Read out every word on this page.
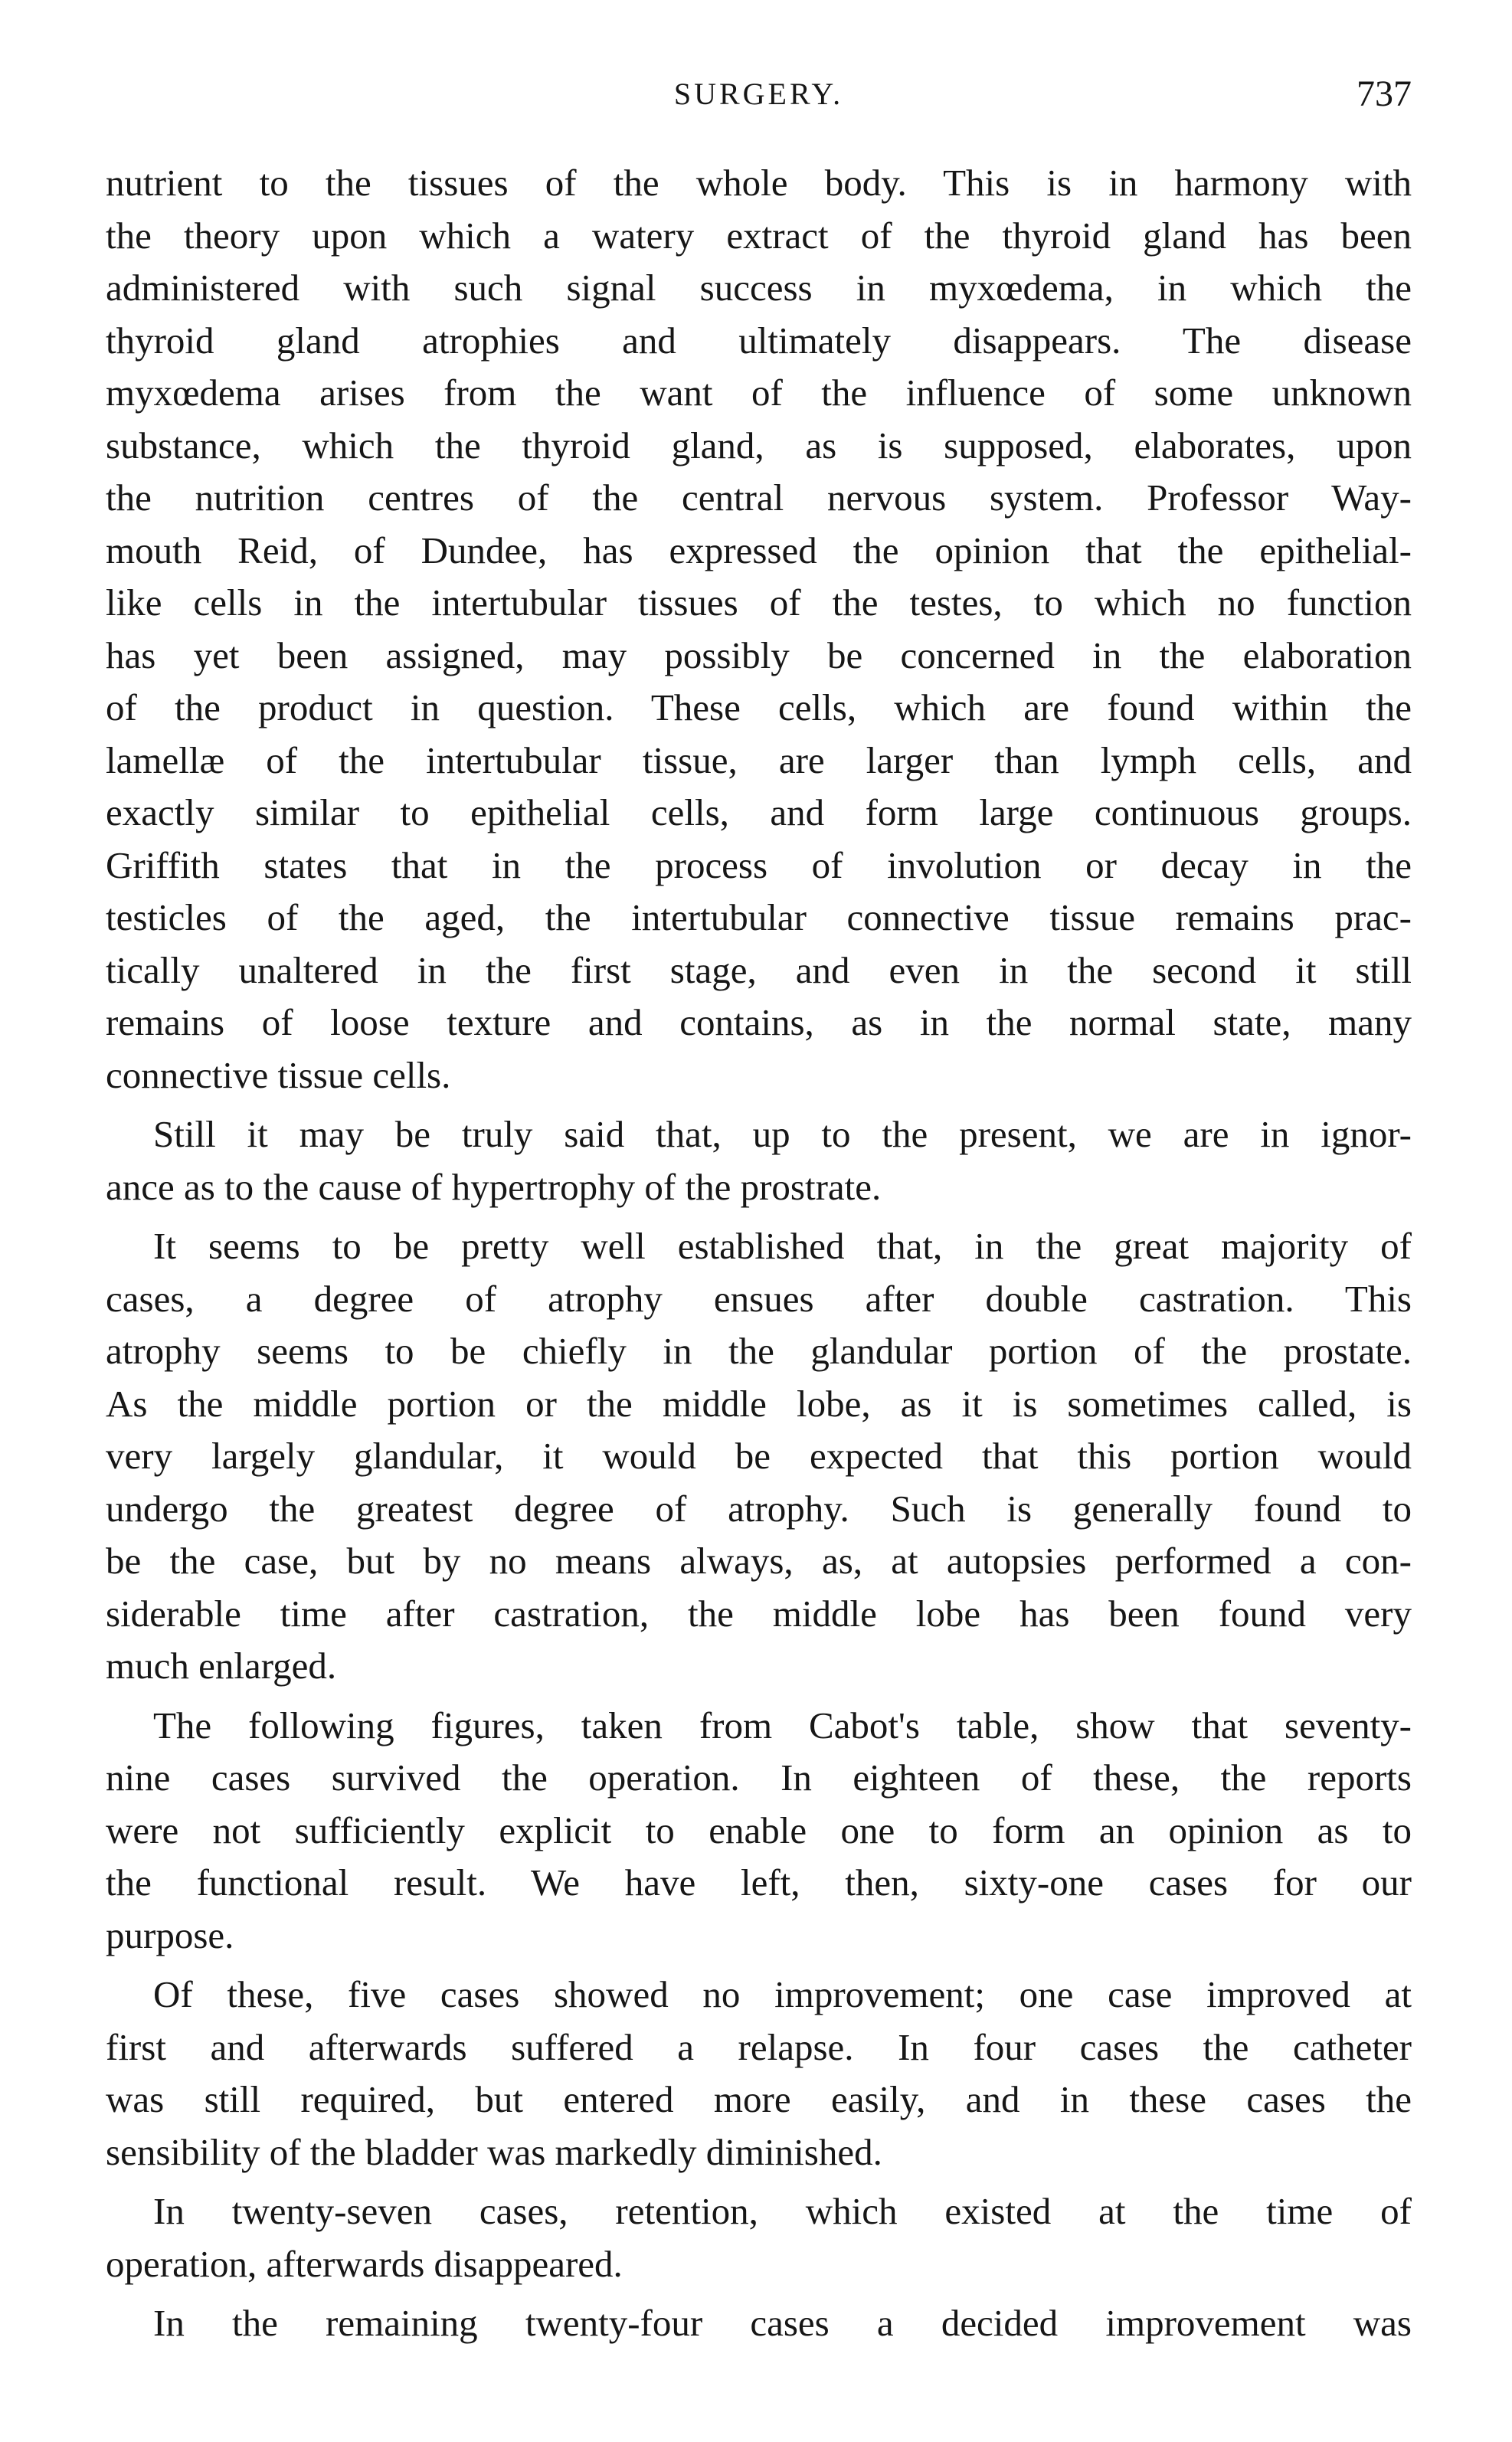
SURGERY.	737
nutrient to the tissues of the whole body. This is in harmony with
the theory upon which a watery extract of the thyroid gland has been
administered with such signal success in myxœdema, in which the
thyroid gland atrophies and ultimately disappears. The disease
myxœdema arises from the want of the influence of some unknown
substance, which the thyroid gland, as is supposed, elaborates, upon
the nutrition centres of the central nervous system. Professor Way-
mouth Reid, of Dundee, has expressed the opinion that the epithelial-
like cells in the intertubular tissues of the testes, to which no function
has yet been assigned, may possibly be concerned in the elaboration
of the product in question. These cells, which are found within the
lamellæ of the intertubular tissue, are larger than lymph cells, and
exactly similar to epithelial cells, and form large continuous groups.
Griffith states that in the process of involution or decay in the
testicles of the aged, the intertubular connective tissue remains prac-
tically unaltered in the first stage, and even in the second it still
remains of loose texture and contains, as in the normal state, many
connective tissue cells.
Still it may be truly said that, up to the present, we are in ignor-
ance as to the cause of hypertrophy of the prostrate.
It seems to be pretty well established that, in the great majority of
cases, a degree of atrophy ensues after double castration. This
atrophy seems to be chiefly in the glandular portion of the prostate.
As the middle portion or the middle lobe, as it is sometimes called, is
very largely glandular, it would be expected that this portion would
undergo the greatest degree of atrophy. Such is generally found to
be the case, but by no means always, as, at autopsies performed a con-
siderable time after castration, the middle lobe has been found very
much enlarged.
The following figures, taken from Cabot's table, show that seventy-
nine cases survived the operation. In eighteen of these, the reports
were not sufficiently explicit to enable one to form an opinion as to
the functional result. We have left, then, sixty-one cases for our
purpose.
Of these, five cases showed no improvement; one case improved at
first and afterwards suffered a relapse. In four cases the catheter
was still required, but entered more easily, and in these cases the
sensibility of the bladder was markedly diminished.
In twenty-seven cases, retention, which existed at the time of
operation, afterwards disappeared.
In the remaining twenty-four cases a decided improvement was
